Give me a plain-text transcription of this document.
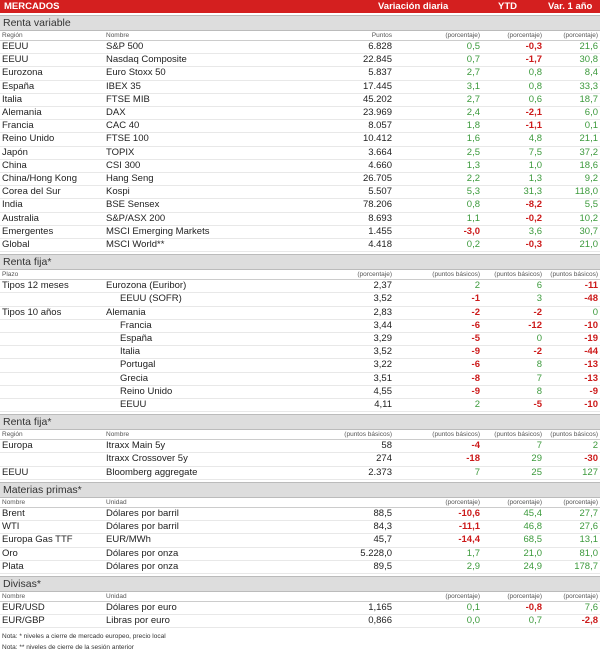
MERCADOS	Variación diaria	YTD	Var. 1 año
Renta variable
Región	Nombre	Puntos	(porcentaje)	(porcentaje)	(porcentaje)
EEUU	S&P 500	6.828	0,5	-0,3	21,6
EEUU	Nasdaq Composite	22.845	0,7	-1,7	30,8
Eurozona	Euro Stoxx 50	5.837	2,7	0,8	8,4
España	IBEX 35	17.445	3,1	0,8	33,3
Italia	FTSE MIB	45.202	2,7	0,6	18,7
Alemania	DAX	23.969	2,4	-2,1	6,0
Francia	CAC 40	8.057	1,8	-1,1	0,1
Reino Unido	FTSE 100	10.412	1,6	4,8	21,1
Japón	TOPIX	3.664	2,5	7,5	37,2
China	CSI 300	4.660	1,3	1,0	18,6
China/Hong Kong	Hang Seng	26.705	2,2	1,3	9,2
Corea del Sur	Kospi	5.507	5,3	31,3	118,0
India	BSE Sensex	78.206	0,8	-8,2	5,5
Australia	S&P/ASX 200	8.693	1,1	-0,2	10,2
Emergentes	MSCI Emerging Markets	1.455	-3,0	3,6	30,7
Global	MSCI World**	4.418	0,2	-0,3	21,0
Renta fija*
Plazo		(porcentaje)	(puntos básicos)	(puntos básicos)	(puntos básicos)
Tipos 12 meses	Eurozona (Euribor)	2,37	2	6	-11
	EEUU (SOFR)	3,52	-1	3	-48
Tipos 10 años	Alemania	2,83	-2	-2	0
	Francia	3,44	-6	-12	-10
	España	3,29	-5	0	-19
	Italia	3,52	-9	-2	-44
	Portugal	3,22	-6	8	-13
	Grecia	3,51	-8	7	-13
	Reino Unido	4,55	-9	8	-9
	EEUU	4,11	2	-5	-10
Renta fija*
Región	Nombre	(puntos básicos)	(puntos básicos)	(puntos básicos)	(puntos básicos)
Europa	Itraxx Main 5y	58	-4	7	2
	Itraxx Crossover 5y	274	-18	29	-30
EEUU	Bloomberg aggregate	2.373	7	25	127
Materias primas*
Nombre	Unidad		(porcentaje)	(porcentaje)	(porcentaje)
Brent	Dólares por barril	88,5	-10,6	45,4	27,7
WTI	Dólares por barril	84,3	-11,1	46,8	27,6
Europa Gas TTF	EUR/MWh	45,7	-14,4	68,5	13,1
Oro	Dólares por onza	5.228,0	1,7	21,0	81,0
Plata	Dólares por onza	89,5	2,9	24,9	178,7
Divisas*
Nombre	Unidad		(porcentaje)	(porcentaje)	(porcentaje)
EUR/USD	Dólares por euro	1,165	0,1	-0,8	7,6
EUR/GBP	Libras por euro	0,866	0,0	0,7	-2,8
Nota: * niveles a cierre de mercado europeo, precio local
Nota: ** niveles de cierre de la sesión anterior
